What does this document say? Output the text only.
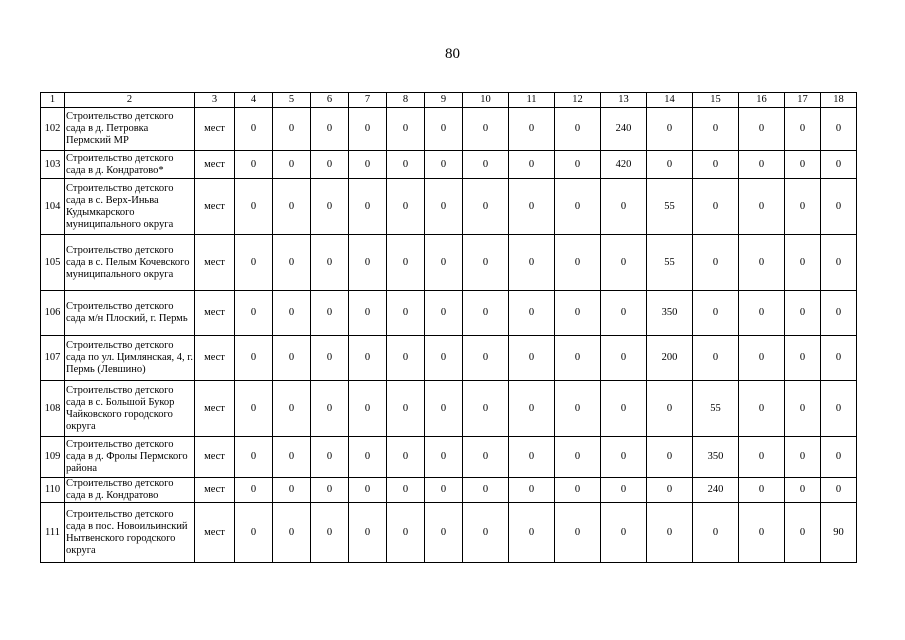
80
1	2	3	4	5	6	7	8	9	10	11	12	13	14	15	16	17	18
102	Строительство детского сада в д. Петровка Пермский МР	мест	0	0	0	0	0	0	0	0	0	240	0	0	0	0	0
103	Строительство детского сада в д. Кондратово*	мест	0	0	0	0	0	0	0	0	0	420	0	0	0	0	0
104	Строительство детского сада в с. Верх-Иньва Кудымкарского муниципального округа	мест	0	0	0	0	0	0	0	0	0	0	55	0	0	0	0
105	Строительство детского сада в с. Пелым Кочевского муниципального округа	мест	0	0	0	0	0	0	0	0	0	0	55	0	0	0	0
106	Строительство детского сада м/н Плоский, г. Пермь	мест	0	0	0	0	0	0	0	0	0	0	350	0	0	0	0
107	Строительство детского сада по ул. Цимлянская, 4, г. Пермь (Левшино)	мест	0	0	0	0	0	0	0	0	0	0	200	0	0	0	0
108	Строительство детского сада в с. Большой Букор Чайковского городского округа	мест	0	0	0	0	0	0	0	0	0	0	0	55	0	0	0
109	Строительство детского сада в д. Фролы Пермского района	мест	0	0	0	0	0	0	0	0	0	0	0	350	0	0	0
110	Строительство детского сада в д. Кондратово	мест	0	0	0	0	0	0	0	0	0	0	0	240	0	0	0
111	Строительство детского сада в пос. Новоильинский Нытвенского городского округа	мест	0	0	0	0	0	0	0	0	0	0	0	0	0	0	90
